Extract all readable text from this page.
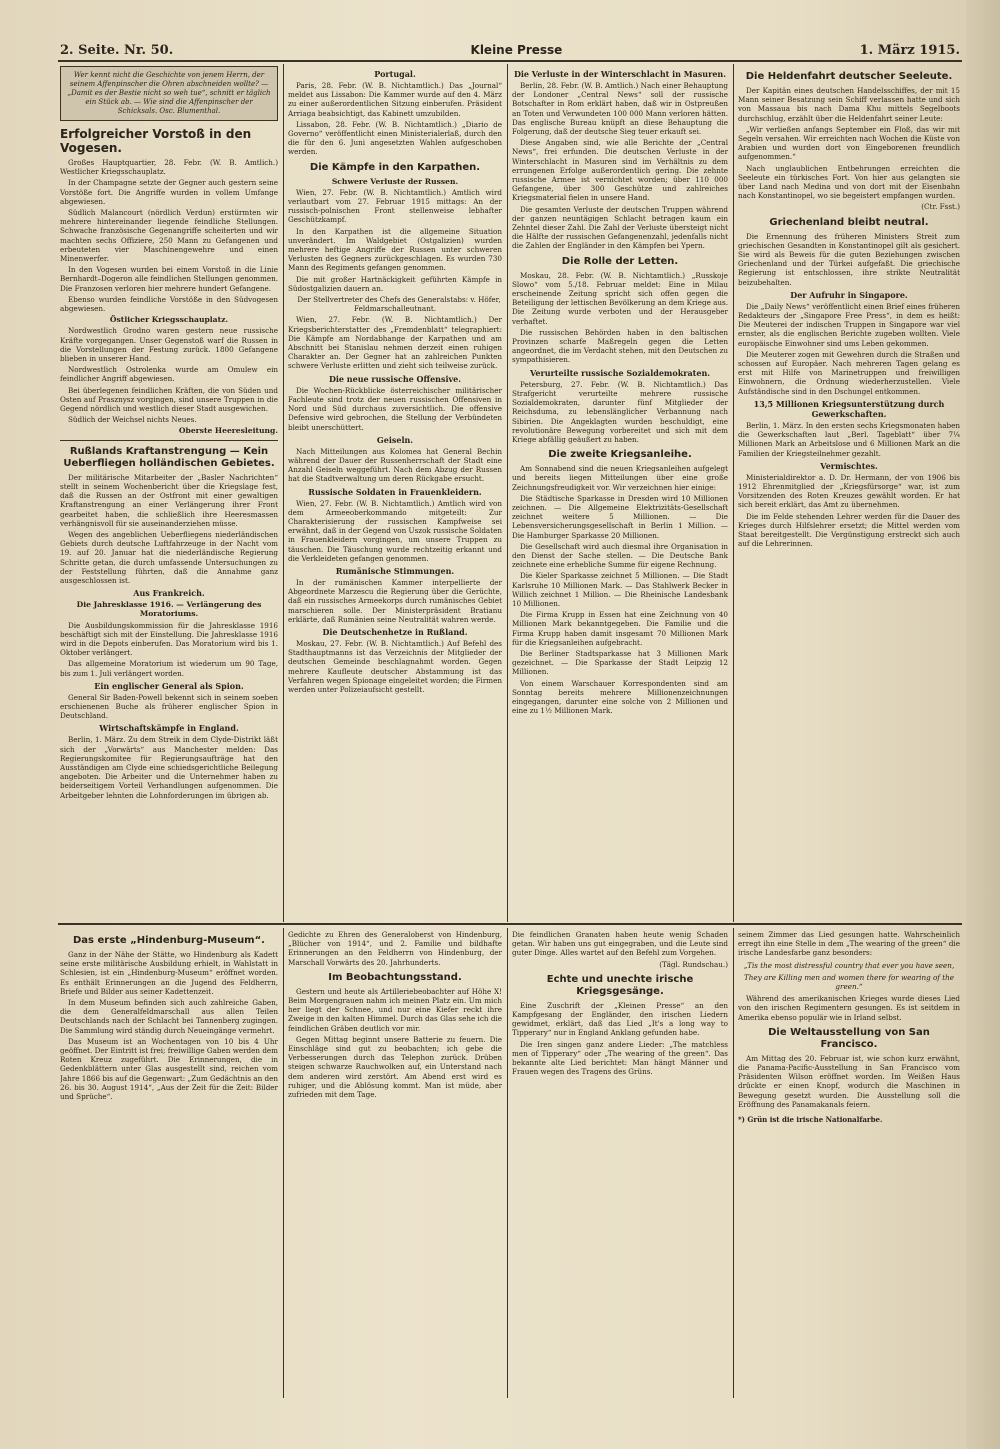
2. Seite. Nr. 50.	Kleine Presse	1. März 1915.
Wer kennt nicht die Geschichte von jenem Herrn, der seinem Affenpinscher die Ohren abschneiden wollte? — „Damit es der Bestie nicht so weh tue“, schnitt er täglich ein Stück ab. — Wie sind die Affenpinscher der Schicksals. Osc. Blumenthal.
Erfolgreicher Vorstoß in den Vogesen.

Großes Hauptquartier, 28. Febr. (W. B. Amtlich.) Westlicher Kriegsschauplatz.

In der Champagne setzte der Gegner auch gestern seine Vorstöße fort. Die Angriffe wurden in vollem Umfange abgewiesen.

Südlich Malancourt (nördlich Verdun) erstürmten wir mehrere hintereinander liegende feindliche Stellungen. Schwache französische Gegenangriffe scheiterten und wir machten sechs Offiziere, 250 Mann zu Gefangenen und erbeuteten vier Maschinengewehre und einen Minenwerfer.

In den Vogesen wurden bei einem Vorstoß in die Linie Bernhardt–Dogeron alle feindlichen Stellungen genommen. Die Franzosen verloren hier mehrere hundert Gefangene.

Ebenso wurden feindliche Vorstöße in den Südvogesen abgewiesen.

Östlicher Kriegsschauplatz.

Nordwestlich Grodno waren gestern neue russische Kräfte vorgegangen. Unser Gegenstoß warf die Russen in die Vorstellungen der Festung zurück. 1800 Gefangene blieben in unserer Hand.

Nordwestlich Ostrolenka wurde am Omulew ein feindlicher Angriff abgewiesen.

Bei überlegenen feindlichen Kräften, die von Süden und Osten auf Prasznysz vorgingen, sind unsere Truppen in die Gegend nördlich und westlich dieser Stadt ausgewichen.

Südlich der Weichsel nichts Neues.

Oberste Heeresleitung.
Rußlands Kraftanstrengung — Kein Ueberfliegen holländischen Gebietes.

Der militärische Mitarbeiter der „Basler Nachrichten“ stellt in seinem Wochenbericht über die Kriegslage fest, daß die Russen an der Ostfront mit einer gewaltigen Kraftanstrengung an einer Verlängerung ihrer Front gearbeitet haben, die schließlich ihre Heeresmassen verhängnisvoll für sie auseinanderziehen müsse.

Wegen des angeblichen Ueberfliegens niederländischen Gebiets durch deutsche Luftfahrzeuge in der Nacht vom 19. auf 20. Januar hat die niederländische Regierung Schritte getan, die durch umfassende Untersuchungen zu der Feststellung führten, daß die Annahme ganz ausgeschlossen ist.

Aus Frankreich.
Die Jahresklasse 1916. — Verlängerung des Moratoriums.

Die Ausbildungskommission für die Jahresklasse 1916 beschäftigt sich mit der Einstellung. Die Jahresklasse 1916 wird in die Depots einberufen. Das Moratorium wird bis 1. Oktober verlängert.

Das allgemeine Moratorium ist wiederum um 90 Tage, bis zum 1. Juli verlängert worden.

Ein englischer General als Spion.

General Sir Baden-Powell bekennt sich in seinem soeben erschienenen Buche als früherer englischer Spion in Deutschland.

Wirtschaftskämpfe in England.

Berlin, 1. März. Zu dem Streik in dem Clyde-Distrikt läßt sich der „Vorwärts“ aus Manchester melden: Das Regierungskomitee für Regierungsaufträge hat den Ausständigen am Clyde eine schiedsgerichtliche Beilegung angeboten. Die Arbeiter und die Unternehmer haben zu beiderseitigem Vorteil Verhandlungen aufgenommen. Die Arbeitgeber lehnten die Lohnforderungen im übrigen ab.

Portugal.

Paris, 28. Febr. (W. B. Nichtamtlich.) Das „Journal“ meldet aus Lissabon: Die Kammer wurde auf den 4. März zu einer außerordentlichen Sitzung einberufen. Präsident Arriaga beabsichtigt, das Kabinett umzubilden.

Lissabon, 28. Febr. (W. B. Nichtamtlich.) „Diario de Governo“ veröffentlicht einen Ministerialerlaß, durch den die für den 6. Juni angesetzten Wahlen aufgeschoben werden.

Die Kämpfe in den Karpathen.
Schwere Verluste der Russen.

Wien, 27. Febr. (W. B. Nichtamtlich.) Amtlich wird verlautbart vom 27. Februar 1915 mittags: An der russisch-polnischen Front stellenweise lebhafter Geschützkampf.

In den Karpathen ist die allgemeine Situation unverändert. Im Waldgebiet (Ostgalizien) wurden mehrere heftige Angriffe der Russen unter schweren Verlusten des Gegners zurückgeschlagen. Es wurden 730 Mann des Regiments gefangen genommen.

Die mit großer Hartnäckigkeit geführten Kämpfe in Südostgalizien dauern an.

Der Stellvertreter des Chefs des Generalstabs: v. Höfer, Feldmarschalleutnant.

Wien, 27. Febr. (W. B. Nichtamtlich.) Der Kriegsberichterstatter des „Fremdenblatt“ telegraphiert: Die Kämpfe am Nordabhange der Karpathen und am Abschnitt bei Stanislau nehmen derzeit einen ruhigen Charakter an. Der Gegner hat an zahlreichen Punkten schwere Verluste erlitten und zieht sich teilweise zurück.

Die neue russische Offensive.

Die Wochen-Rückblicke österreichischer militärischer Fachleute sind trotz der neuen russischen Offensiven in Nord und Süd durchaus zuversichtlich. Die offensive Defensive wird gebrochen, die Stellung der Verbündeten bleibt unerschüttert.

Geiseln.

Nach Mitteilungen aus Kolomea hat General Bechin während der Dauer der Russenherrschaft der Stadt eine Anzahl Geiseln weggeführt. Nach dem Abzug der Russen hat die Stadtverwaltung um deren Rückgabe ersucht.

Russische Soldaten in Frauenkleidern.

Wien, 27. Febr. (W. B. Nichtamtlich.) Amtlich wird von dem Armeeoberkommando mitgeteilt: Zur Charakterisierung der russischen Kampfweise sei erwähnt, daß in der Gegend von Uszok russische Soldaten in Frauenkleidern vorgingen, um unsere Truppen zu täuschen. Die Täuschung wurde rechtzeitig erkannt und die Verkleideten gefangen genommen.

Rumänische Stimmungen.

In der rumänischen Kammer interpellierte der Abgeordnete Marzescu die Regierung über die Gerüchte, daß ein russisches Armeekorps durch rumänisches Gebiet marschieren solle. Der Ministerpräsident Bratianu erklärte, daß Rumänien seine Neutralität wahren werde.

Die Deutschenhetze in Rußland.

Moskau, 27. Febr. (W. B. Nichtamtlich.) Auf Befehl des Stadthauptmanns ist das Verzeichnis der Mitglieder der deutschen Gemeinde beschlagnahmt worden. Gegen mehrere Kaufleute deutscher Abstammung ist das Verfahren wegen Spionage eingeleitet worden; die Firmen werden unter Polizeiaufsicht gestellt.

Die Verluste in der Winterschlacht in Masuren.

Berlin, 28. Febr. (W. B. Amtlich.) Nach einer Behauptung der Londoner „Central News“ soll der russische Botschafter in Rom erklärt haben, daß wir in Ostpreußen an Toten und Verwundeten 100 000 Mann verloren hätten. Das englische Bureau knüpft an diese Behauptung die Folgerung, daß der deutsche Sieg teuer erkauft sei.

Diese Angaben sind, wie alle Berichte der „Central News“, frei erfunden. Die deutschen Verluste in der Winterschlacht in Masuren sind im Verhältnis zu dem errungenen Erfolge außerordentlich gering. Die zehnte russische Armee ist vernichtet worden; über 110 000 Gefangene, über 300 Geschütze und zahlreiches Kriegsmaterial fielen in unsere Hand.

Die gesamten Verluste der deutschen Truppen während der ganzen neuntägigen Schlacht betragen kaum ein Zehntel dieser Zahl. Die Zahl der Verluste übersteigt nicht die Hälfte der russischen Gefangenenzahl, jedenfalls nicht die Zahlen der Engländer in den Kämpfen bei Ypern.

Die Rolle der Letten.

Moskau, 28. Febr. (W. B. Nichtamtlich.) „Russkoje Slowo“ vom 5./18. Februar meldet: Eine in Milau erscheinende Zeitung spricht sich offen gegen die Beteiligung der lettischen Bevölkerung an dem Kriege aus. Die Zeitung wurde verboten und der Herausgeber verhaftet.

Die russischen Behörden haben in den baltischen Provinzen scharfe Maßregeln gegen die Letten angeordnet, die im Verdacht stehen, mit den Deutschen zu sympathisieren.

Verurteilte russische Sozialdemokraten.

Petersburg, 27. Febr. (W. B. Nichtamtlich.) Das Strafgericht verurteilte mehrere russische Sozialdemokraten, darunter fünf Mitglieder der Reichsduma, zu lebenslänglicher Verbannung nach Sibirien. Die Angeklagten wurden beschuldigt, eine revolutionäre Bewegung vorbereitet und sich mit dem Kriege abfällig geäußert zu haben.

Die zweite Kriegsanleihe.

Am Sonnabend sind die neuen Kriegsanleihen aufgelegt und bereits liegen Mitteilungen über eine große Zeichnungsfreudigkeit vor. Wir verzeichnen hier einige:

Die Städtische Sparkasse in Dresden wird 10 Millionen zeichnen. — Die Allgemeine Elektrizitäts-Gesellschaft zeichnet weitere 5 Millionen. — Die Lebensversicherungsgesellschaft in Berlin 1 Million. — Die Hamburger Sparkasse 20 Millionen.

Die Gesellschaft wird auch diesmal ihre Organisation in den Dienst der Sache stellen. — Die Deutsche Bank zeichnete eine erhebliche Summe für eigene Rechnung.

Die Kieler Sparkasse zeichnet 5 Millionen. — Die Stadt Karlsruhe 10 Millionen Mark. — Das Stahlwerk Becker in Willich zeichnet 1 Million. — Die Rheinische Landesbank 10 Millionen.

Die Firma Krupp in Essen hat eine Zeichnung von 40 Millionen Mark bekanntgegeben. Die Familie und die Firma Krupp haben damit insgesamt 70 Millionen Mark für die Kriegsanleihen aufgebracht.

Die Berliner Stadtsparkasse hat 3 Millionen Mark gezeichnet. — Die Sparkasse der Stadt Leipzig 12 Millionen.

Von einem Warschauer Korrespondenten sind am Sonntag bereits mehrere Millionenzeichnungen eingegangen, darunter eine solche von 2 Millionen und eine zu 1½ Millionen Mark.

Die Heldenfahrt deutscher Seeleute.

Der Kapitän eines deutschen Handelsschiffes, der mit 15 Mann seiner Besatzung sein Schiff verlassen hatte und sich von Massaua bis nach Dama Khu mittels Segelboots durchschlug, erzählt über die Heldenfahrt seiner Leute:

„Wir verließen anfangs September ein Floß, das wir mit Segeln versahen. Wir erreichten nach Wochen die Küste von Arabien und wurden dort von Eingeborenen freundlich aufgenommen.“

Nach unglaublichen Entbehrungen erreichten die Seeleute ein türkisches Fort. Von hier aus gelangten sie über Land nach Medina und von dort mit der Eisenbahn nach Konstantinopel, wo sie begeistert empfangen wurden.

(Ctr. Fsst.)

Griechenland bleibt neutral.

Die Ernennung des früheren Ministers Streit zum griechischen Gesandten in Konstantinopel gilt als gesichert. Sie wird als Beweis für die guten Beziehungen zwischen Griechenland und der Türkei aufgefaßt. Die griechische Regierung ist entschlossen, ihre strikte Neutralität beizubehalten.

Der Aufruhr in Singapore.

Die „Daily News“ veröffentlicht einen Brief eines früheren Redakteurs der „Singapore Free Press“, in dem es heißt: Die Meuterei der indischen Truppen in Singapore war viel ernster, als die englischen Berichte zugeben wollten. Viele europäische Einwohner sind ums Leben gekommen.

Die Meuterer zogen mit Gewehren durch die Straßen und schossen auf Europäer. Nach mehreren Tagen gelang es erst mit Hilfe von Marinetruppen und freiwilligen Einwohnern, die Ordnung wiederherzustellen. Viele Aufständische sind in den Dschungel entkommen.

13,5 Millionen Kriegsunterstützung durch Gewerkschaften.

Berlin, 1. März. In den ersten sechs Kriegsmonaten haben die Gewerkschaften laut „Berl. Tageblatt“ über 7¼ Millionen Mark an Arbeitslose und 6 Millionen Mark an die Familien der Kriegsteilnehmer gezahlt.

Vermischtes.

Ministerialdirektor a. D. Dr. Hermann, der von 1906 bis 1912 Ehrenmitglied der „Kriegsfürsorge“ war, ist zum Vorsitzenden des Roten Kreuzes gewählt worden. Er hat sich bereit erklärt, das Amt zu übernehmen.

Die im Felde stehenden Lehrer werden für die Dauer des Krieges durch Hilfslehrer ersetzt; die Mittel werden vom Staat bereitgestellt. Die Vergünstigung erstreckt sich auch auf die Lehrerinnen.

Das erste „Hindenburg-Museum“.

Ganz in der Nähe der Stätte, wo Hindenburg als Kadett seine erste militärische Ausbildung erhielt, in Wahlstatt in Schlesien, ist ein „Hindenburg-Museum“ eröffnet worden. Es enthält Erinnerungen an die Jugend des Feldherrn, Briefe und Bilder aus seiner Kadettenzeit.

In dem Museum befinden sich auch zahlreiche Gaben, die dem Generalfeldmarschall aus allen Teilen Deutschlands nach der Schlacht bei Tannenberg zugingen. Die Sammlung wird ständig durch Neueingänge vermehrt.

Das Museum ist an Wochentagen von 10 bis 4 Uhr geöffnet. Der Eintritt ist frei; freiwillige Gaben werden dem Roten Kreuz zugeführt. Die Erinnerungen, die in Gedenkblättern unter Glas ausgestellt sind, reichen vom Jahre 1866 bis auf die Gegenwart: „Zum Gedächtnis an den 26. bis 30. August 1914“, „Aus der Zeit für die Zeit: Bilder und Sprüche“.

Gedichte zu Ehren des Generaloberst von Hindenburg, „Blücher von 1914“, und 2. Familie und bildhafte Erinnerungen an den Feldherrn von Hindenburg, der Marschall Vorwärts des 20. Jahrhunderts.

Im Beobachtungsstand.

Gestern und heute als Artilleriebeobachter auf Höhe X! Beim Morgengrauen nahm ich meinen Platz ein. Um mich her liegt der Schnee, und nur eine Kiefer reckt ihre Zweige in den kalten Himmel. Durch das Glas sehe ich die feindlichen Gräben deutlich vor mir.

Gegen Mittag beginnt unsere Batterie zu feuern. Die Einschläge sind gut zu beobachten; ich gebe die Verbesserungen durch das Telephon zurück. Drüben steigen schwarze Rauchwolken auf, ein Unterstand nach dem anderen wird zerstört. Am Abend erst wird es ruhiger, und die Ablösung kommt. Man ist müde, aber zufrieden mit dem Tage.

Die feindlichen Granaten haben heute wenig Schaden getan. Wir haben uns gut eingegraben, und die Leute sind guter Dinge. Alles wartet auf den Befehl zum Vorgehen.

(Tägl. Rundschau.)

Echte und unechte irische Kriegsgesänge.

Eine Zuschrift der „Kleinen Presse“ an den Kampfgesang der Engländer, den irischen Liedern gewidmet, erklärt, daß das Lied „It's a long way to Tipperary“ nur in England Anklang gefunden habe.

Die Iren singen ganz andere Lieder: „The matchless men of Tipperary“ oder „The wearing of the green“. Das bekannte alte Lied berichtet: Man hängt Männer und Frauen wegen des Tragens des Grüns.

seinem Zimmer das Lied gesungen hatte. Wahrscheinlich erregt ihn eine Stelle in dem „The wearing of the green“ die irische Landesfarbe ganz besonders:

„Tis the most distressful country that ever you have seen,
They are Killing men and women there for wearing of the green.“

Während des amerikanischen Krieges wurde dieses Lied von den irischen Regimentern gesungen. Es ist seitdem in Amerika ebenso populär wie in Irland selbst.

Die Weltausstellung von San Francisco.

Am Mittag des 20. Februar ist, wie schon kurz erwähnt, die Panama-Pacific-Ausstellung in San Francisco vom Präsidenten Wilson eröffnet worden. Im Weißen Haus drückte er einen Knopf, wodurch die Maschinen in Bewegung gesetzt wurden. Die Ausstellung soll die Eröffnung des Panamakanals feiern.

*) Grün ist die irische Nationalfarbe.
